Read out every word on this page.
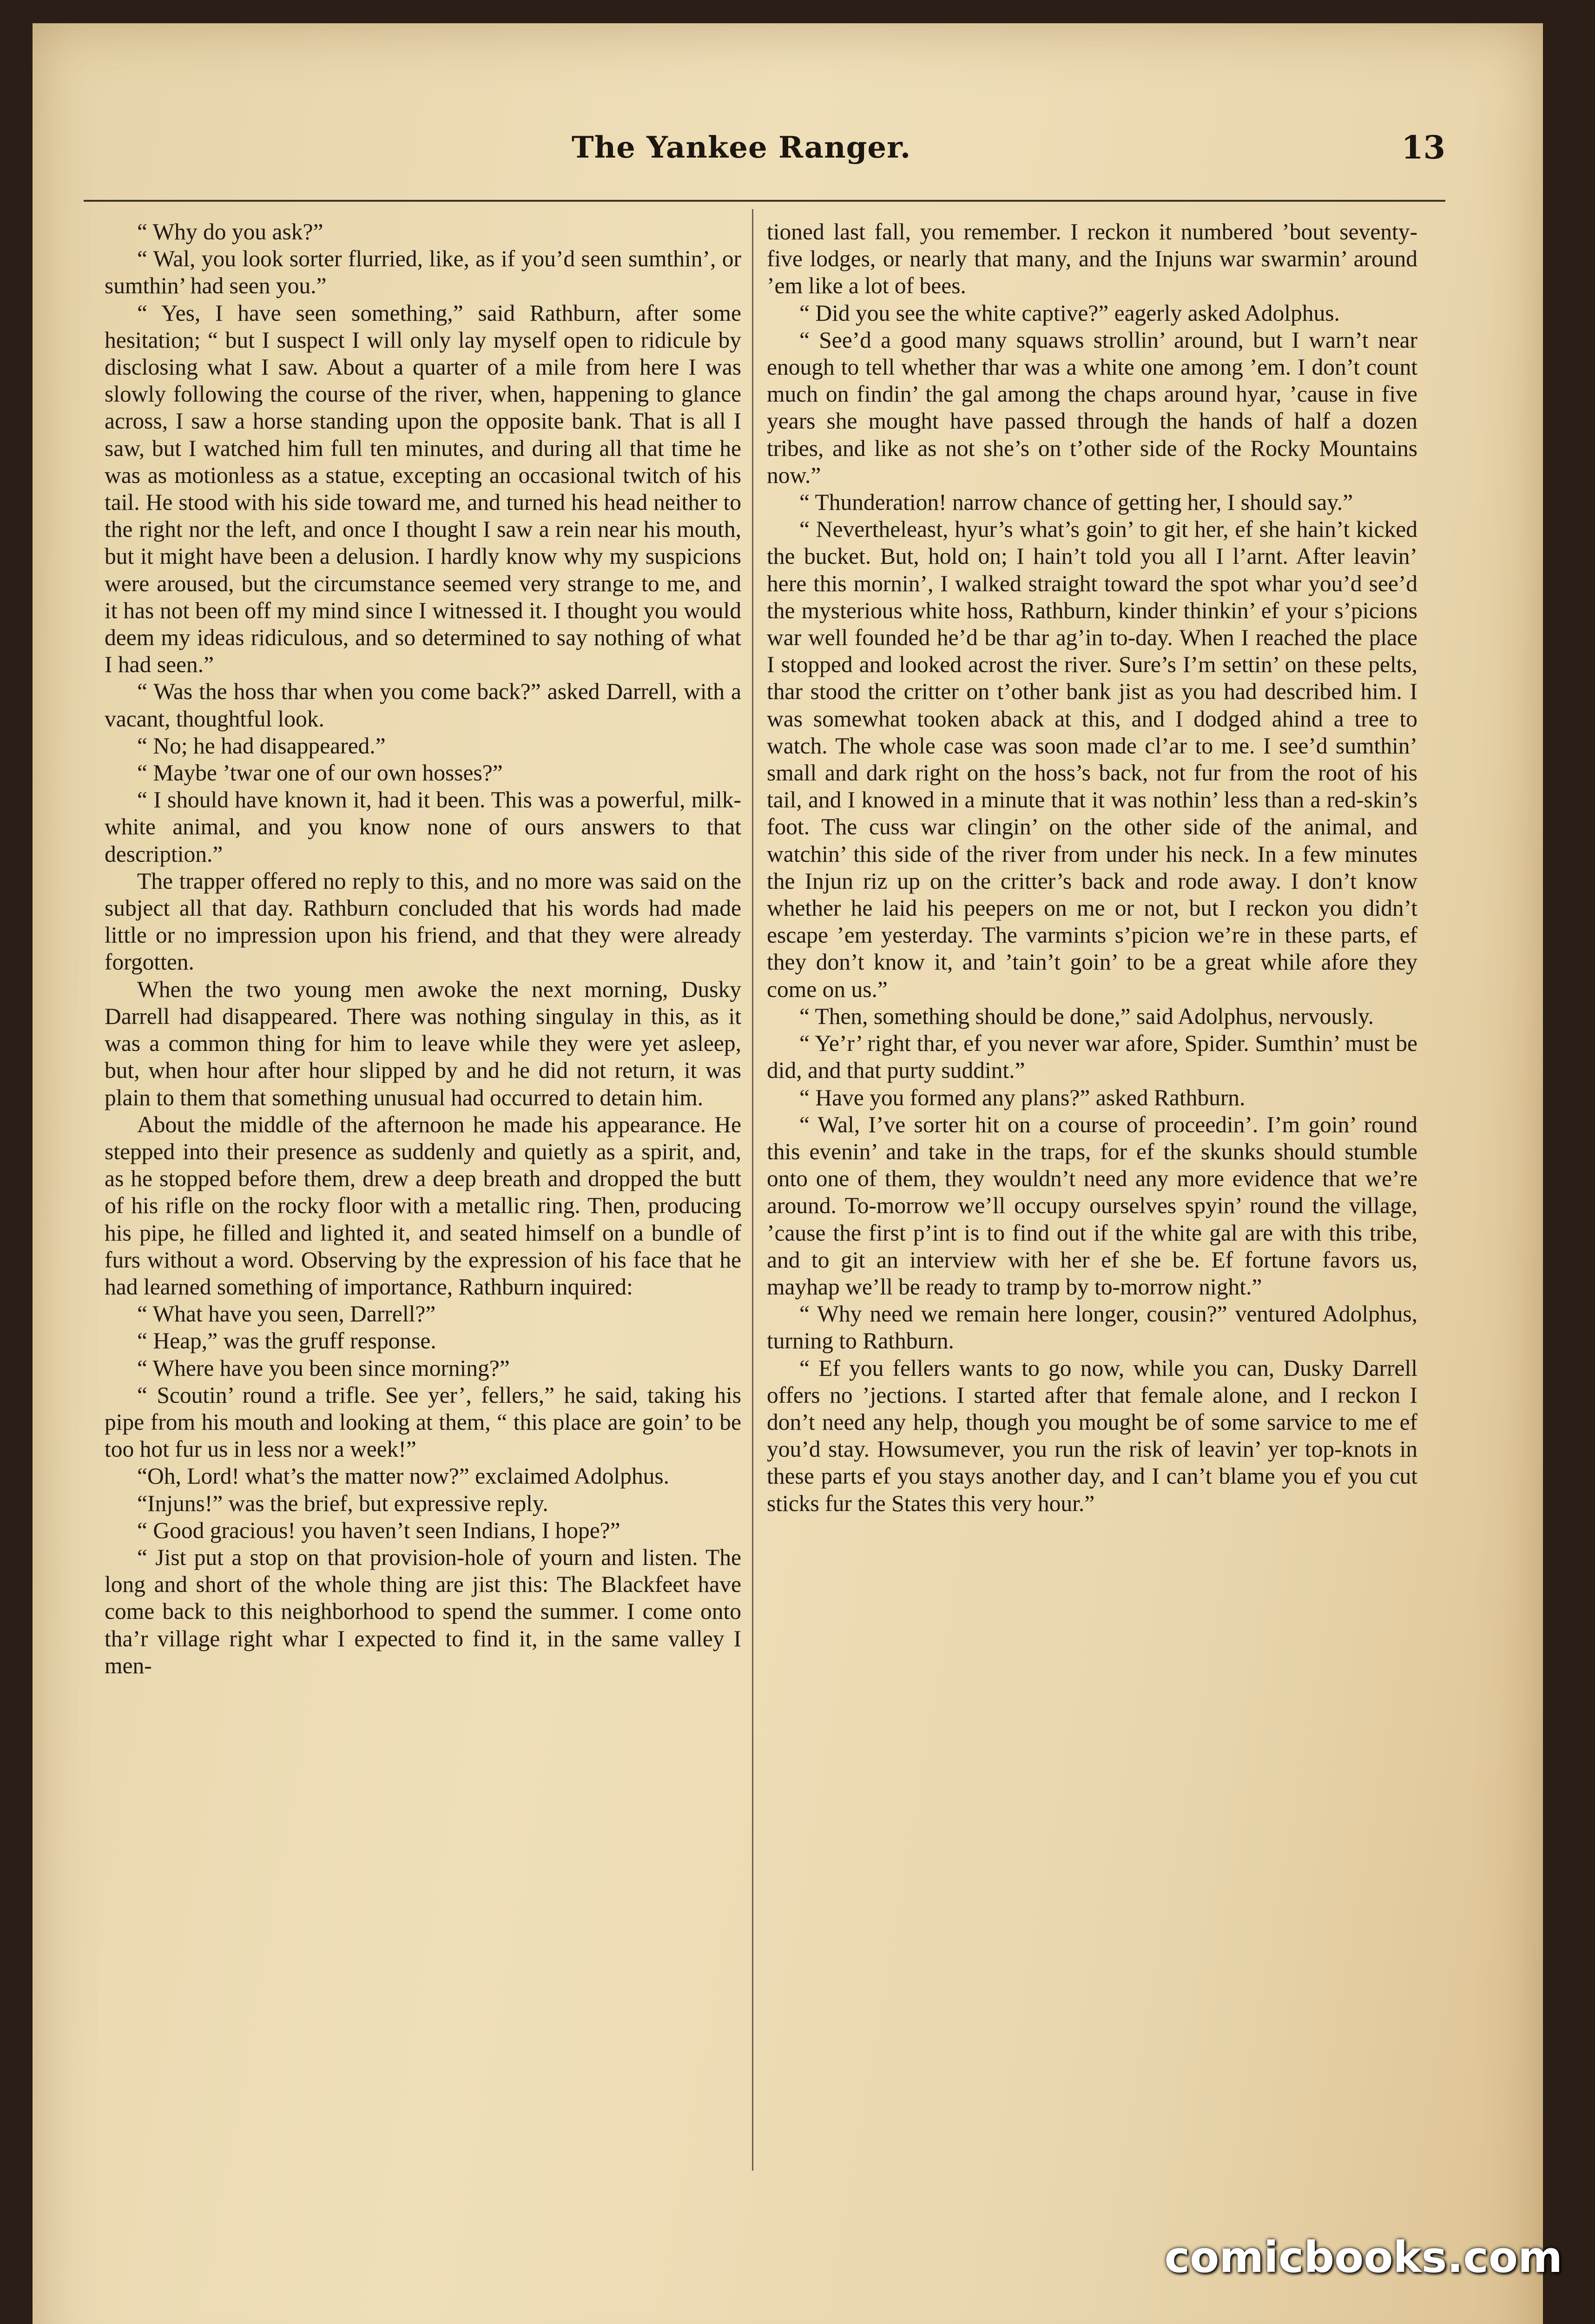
The Yankee Ranger.	13

“ Why do you ask?”

“ Wal, you look sorter flurried, like, as if you’d seen sumthin’, or sumthin’ had seen you.”

“ Yes, I have seen something,” said Rathburn, after some hesitation; “ but I suspect I will only lay myself open to ridicule by disclosing what I saw. About a quarter of a mile from here I was slowly following the course of the river, when, happening to glance across, I saw a horse standing upon the opposite bank. That is all I saw, but I watched him full ten minutes, and during all that time he was as motionless as a statue, excepting an occasional twitch of his tail. He stood with his side toward me, and turned his head neither to the right nor the left, and once I thought I saw a rein near his mouth, but it might have been a delusion. I hardly know why my suspicions were aroused, but the circumstance seemed very strange to me, and it has not been off my mind since I witnessed it. I thought you would deem my ideas ridiculous, and so determined to say nothing of what I had seen.”

“ Was the hoss thar when you come back?” asked Darrell, with a vacant, thoughtful look.

“ No; he had disappeared.”

“ Maybe ’twar one of our own hosses?”

“ I should have known it, had it been. This was a powerful, milk-white animal, and you know none of ours answers to that description.”

The trapper offered no reply to this, and no more was said on the subject all that day. Rathburn concluded that his words had made little or no impression upon his friend, and that they were already forgotten.

When the two young men awoke the next morning, Dusky Darrell had disappeared. There was nothing singulay in this, as it was a common thing for him to leave while they were yet asleep, but, when hour after hour slipped by and he did not return, it was plain to them that something unusual had occurred to detain him.

About the middle of the afternoon he made his appearance. He stepped into their presence as suddenly and quietly as a spirit, and, as he stopped before them, drew a deep breath and dropped the butt of his rifle on the rocky floor with a metallic ring. Then, producing his pipe, he filled and lighted it, and seated himself on a bundle of furs without a word. Observing by the expression of his face that he had learned something of importance, Rathburn inquired:

“ What have you seen, Darrell?”

“ Heap,” was the gruff response.

“ Where have you been since morning?”

“ Scoutin’ round a trifle. See yer’, fellers,” he said, taking his pipe from his mouth and looking at them, “ this place are goin’ to be too hot fur us in less nor a week!”

“Oh, Lord! what’s the matter now?” exclaimed Adolphus.

“Injuns!” was the brief, but expressive reply.

“ Good gracious! you haven’t seen Indians, I hope?”

“ Jist put a stop on that provision-hole of yourn and listen. The long and short of the whole thing are jist this: The Blackfeet have come back to this neighborhood to spend the summer. I come onto tha’r village right whar I expected to find it, in the same valley I men-

tioned last fall, you remember. I reckon it numbered ’bout seventy-five lodges, or nearly that many, and the Injuns war swarmin’ around ’em like a lot of bees.

“ Did you see the white captive?” eagerly asked Adolphus.

“ See’d a good many squaws strollin’ around, but I warn’t near enough to tell whether thar was a white one among ’em. I don’t count much on findin’ the gal among the chaps around hyar, ’cause in five years she mought have passed through the hands of half a dozen tribes, and like as not she’s on t’other side of the Rocky Mountains now.”

“ Thunderation! narrow chance of getting her, I should say.”

“ Nevertheleast, hyur’s what’s goin’ to git her, ef she hain’t kicked the bucket. But, hold on; I hain’t told you all I l’arnt. After leavin’ here this mornin’, I walked straight toward the spot whar you’d see’d the mysterious white hoss, Rathburn, kinder thinkin’ ef your s’picions war well founded he’d be thar ag’in to-day. When I reached the place I stopped and looked acrost the river. Sure’s I’m settin’ on these pelts, thar stood the critter on t’other bank jist as you had described him. I was somewhat tooken aback at this, and I dodged ahind a tree to watch. The whole case was soon made cl’ar to me. I see’d sumthin’ small and dark right on the hoss’s back, not fur from the root of his tail, and I knowed in a minute that it was nothin’ less than a red-skin’s foot. The cuss war clingin’ on the other side of the animal, and watchin’ this side of the river from under his neck. In a few minutes the Injun riz up on the critter’s back and rode away. I don’t know whether he laid his peepers on me or not, but I reckon you didn’t escape ’em yesterday. The varmints s’picion we’re in these parts, ef they don’t know it, and ’tain’t goin’ to be a great while afore they come on us.”

“ Then, something should be done,” said Adolphus, nervously.

“ Ye’r’ right thar, ef you never war afore, Spider. Sumthin’ must be did, and that purty suddint.”

“ Have you formed any plans?” asked Rathburn.

“ Wal, I’ve sorter hit on a course of proceedin’. I’m goin’ round this evenin’ and take in the traps, for ef the skunks should stumble onto one of them, they wouldn’t need any more evidence that we’re around. To-morrow we’ll occupy ourselves spyin’ round the village, ’cause the first p’int is to find out if the white gal are with this tribe, and to git an interview with her ef she be. Ef fortune favors us, mayhap we’ll be ready to tramp by to-morrow night.”

“ Why need we remain here longer, cousin?” ventured Adolphus, turning to Rathburn.

“ Ef you fellers wants to go now, while you can, Dusky Darrell offers no ’jections. I started after that female alone, and I reckon I don’t need any help, though you mought be of some sarvice to me ef you’d stay. Howsumever, you run the risk of leavin’ yer top-knots in these parts ef you stays another day, and I can’t blame you ef you cut sticks fur the States this very hour.”

comicbooks.com
